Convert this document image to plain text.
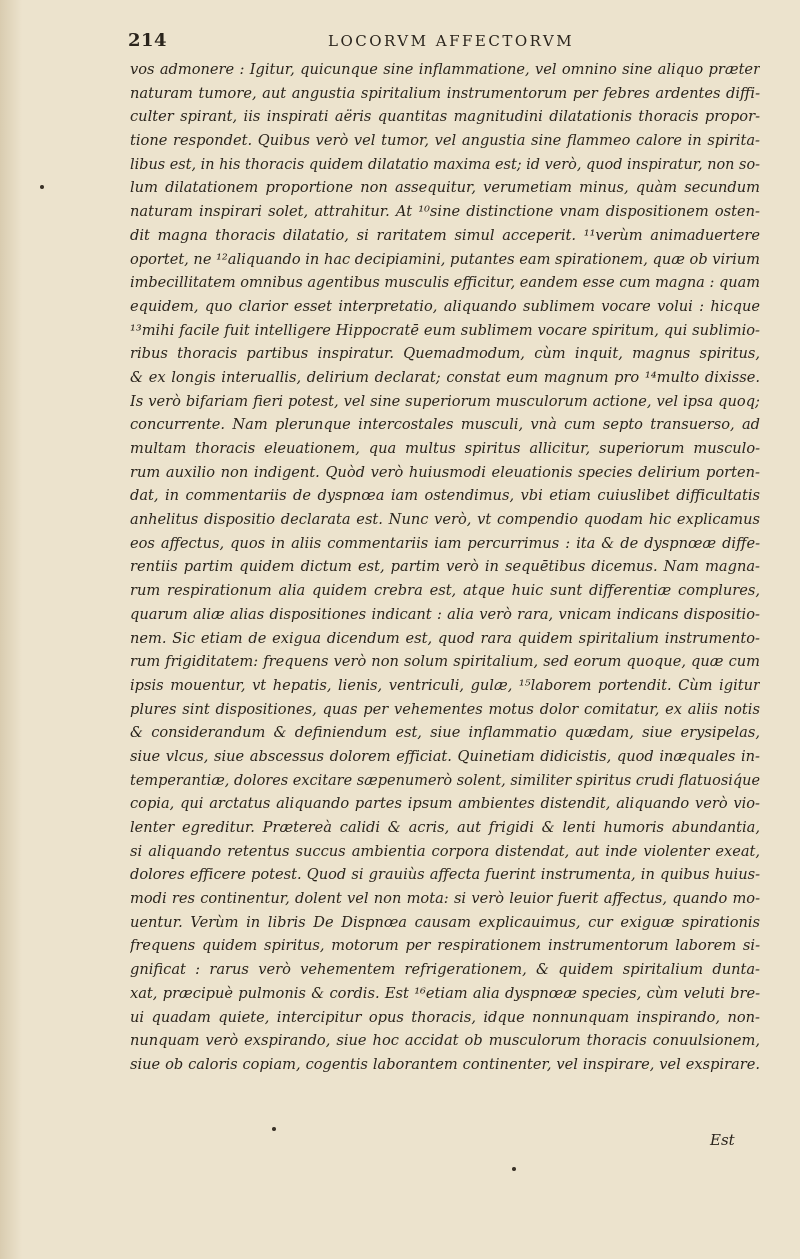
214	LOCORVM AFFECTORVM
vos admonere : Igitur, quicunque sine inflammatione, vel omnino sine aliquo præter
naturam tumore, aut angustia spiritalium instrumentorum per febres ardentes diffi-
culter spirant, iis inspirati aëris quantitas magnitudini dilatationis thoracis propor-
tione respondet. Quibus verò vel tumor, vel angustia sine flammeo calore in spirita-
libus est, in his thoracis quidem dilatatio maxima est; id verò, quod inspiratur, non so-
lum dilatationem proportione non assequitur, verumetiam minus, quàm secundum
naturam inspirari solet, attrahitur. At ¹⁰sine distinctione vnam dispositionem osten-
dit magna thoracis dilatatio, si raritatem simul acceperit. ¹¹verùm animaduertere
oportet, ne ¹²aliquando in hac decipiamini, putantes eam spirationem, quæ ob virium
imbecillitatem omnibus agentibus musculis efficitur, eandem esse cum magna : quam
equidem, quo clarior esset interpretatio, aliquando sublimem vocare volui : hicque
¹³mihi facile fuit intelligere Hippocratē eum sublimem vocare spiritum, qui sublimio-
ribus thoracis partibus inspiratur. Quemadmodum, cùm inquit, magnus spiritus,
& ex longis interuallis, delirium declarat; constat eum magnum pro ¹⁴multo dixisse.
Is verò bifariam fieri potest, vel sine superiorum musculorum actione, vel ipsa quoq;
concurrente. Nam plerunque intercostales musculi, vnà cum septo transuerso, ad
multam thoracis eleuationem, qua multus spiritus allicitur, superiorum musculo-
rum auxilio non indigent. Quòd verò huiusmodi eleuationis species delirium porten-
dat, in commentariis de dyspnœa iam ostendimus, vbi etiam cuiuslibet difficultatis
anhelitus dispositio declarata est. Nunc verò, vt compendio quodam hic explicamus
eos affectus, quos in aliis commentariis iam percurrimus : ita & de dyspnœæ diffe-
rentiis partim quidem dictum est, partim verò in sequētibus dicemus. Nam magna-
rum respirationum alia quidem crebra est, atque huic sunt differentiæ complures,
quarum aliæ alias dispositiones indicant : alia verò rara, vnicam indicans dispositio-
nem. Sic etiam de exigua dicendum est, quod rara quidem spiritalium instrumento-
rum frigiditatem: frequens verò non solum spiritalium, sed eorum quoque, quæ cum
ipsis mouentur, vt hepatis, lienis, ventriculi, gulæ, ¹⁵laborem portendit. Cùm igitur
plures sint dispositiones, quas per vehementes motus dolor comitatur, ex aliis notis
& considerandum & definiendum est, siue inflammatio quædam, siue erysipelas,
siue vlcus, siue abscessus dolorem efficiat. Quinetiam didicistis, quod inæquales in-
temperantiæ, dolores excitare sæpenumerò solent, similiter spiritus crudi flatuosiq́ue
copia, qui arctatus aliquando partes ipsum ambientes distendit, aliquando verò vio-
lenter egreditur. Prætereà calidi & acris, aut frigidi & lenti humoris abundantia,
si aliquando retentus succus ambientia corpora distendat, aut inde violenter exeat,
dolores efficere potest. Quod si grauiùs affecta fuerint instrumenta, in quibus huius-
modi res continentur, dolent vel non mota: si verò leuior fuerit affectus, quando mo-
uentur. Verùm in libris De Dispnœa causam explicauimus, cur exiguæ spirationis
frequens quidem spiritus, motorum per respirationem instrumentorum laborem si-
gnificat : rarus verò vehementem refrigerationem, & quidem spiritalium dunta-
xat, præcipuè pulmonis & cordis. Est ¹⁶etiam alia dyspnœæ species, cùm veluti bre-
ui quadam quiete, intercipitur opus thoracis, idque nonnunquam inspirando, non-
nunquam verò exspirando, siue hoc accidat ob musculorum thoracis conuulsionem,
siue ob caloris copiam, cogentis laborantem continenter, vel inspirare, vel exspirare.
Est
